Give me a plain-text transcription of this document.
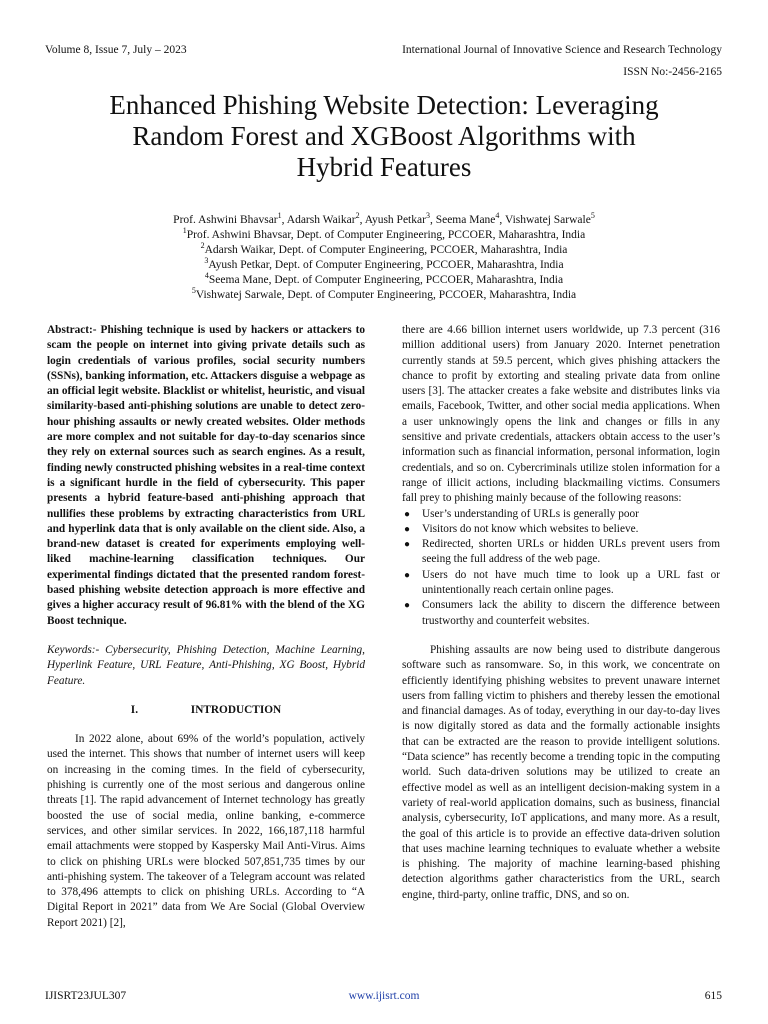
Volume 8, Issue 7, July – 2023	International Journal of Innovative Science and Research Technology
ISSN No:-2456-2165
Enhanced Phishing Website Detection: Leveraging
Random Forest and XGBoost Algorithms with
Hybrid Features
Prof. Ashwini Bhavsar$^1$, Adarsh Waikar$^2$, Ayush Petkar$^3$, Seema Mane$^4$, Vishwatej Sarwale$^5$
$^1$Prof. Ashwini Bhavsar, Dept. of Computer Engineering, PCCOER, Maharashtra, India
$^2$Adarsh Waikar, Dept. of Computer Engineering, PCCOER, Maharashtra, India
$^3$Ayush Petkar, Dept. of Computer Engineering, PCCOER, Maharashtra, India
$^4$Seema Mane, Dept. of Computer Engineering, PCCOER, Maharashtra, India
$^5$Vishwatej Sarwale, Dept. of Computer Engineering, PCCOER, Maharashtra, India

Abstract:- Phishing technique is used by hackers or attackers to scam the people on internet into giving private details such as login credentials of various profiles, social security numbers (SSNs), banking information, etc. Attackers disguise a webpage as an official legit website. Blacklist or whitelist, heuristic, and visual similarity-based anti-phishing solutions are unable to detect zero-hour phishing assaults or newly created websites. Older methods are more complex and not suitable for day-to-day scenarios since they rely on external sources such as search engines. As a result, finding newly constructed phishing websites in a real-time context is a significant hurdle in the field of cybersecurity. This paper presents a hybrid feature-based anti-phishing approach that nullifies these problems by extracting characteristics from URL and hyperlink data that is only available on the client side. Also, a brand-new dataset is created for experiments employing well-liked machine-learning classification techniques. Our experimental findings dictated that the presented random forest-based phishing website detection approach is more effective and gives a higher accuracy result of 96.81% with the blend of the XG Boost technique.

Keywords:- Cybersecurity, Phishing Detection, Machine Learning, Hyperlink Feature, URL Feature, Anti-Phishing, XG Boost, Hybrid Feature.

I.	INTRODUCTION

In 2022 alone, about 69% of the world’s population, actively used the internet. This shows that number of internet users will keep on increasing in the coming times. In the field of cybersecurity, phishing is currently one of the most serious and dangerous online threats [1]. The rapid advancement of Internet technology has greatly boosted the use of social media, online banking, e-commerce services, and other similar services. In 2022, 166,187,118 harmful email attachments were stopped by Kaspersky Mail Anti-Virus. Aims to click on phishing URLs were blocked 507,851,735 times by our anti-phishing system. The takeover of a Telegram account was related to 378,496 attempts to click on phishing URLs. According to “A Digital Report in 2021” data from We Are Social (Global Overview Report 2021) [2],

there are 4.66 billion internet users worldwide, up 7.3 percent (316 million additional users) from January 2020. Internet penetration currently stands at 59.5 percent, which gives phishing attackers the chance to profit by extorting and stealing private data from online users [3]. The attacker creates a fake website and distributes links via emails, Facebook, Twitter, and other social media applications. When a user unknowingly opens the link and changes or fills in any sensitive and private credentials, attackers obtain access to the user’s information such as financial information, personal information, login credentials, and so on. Cybercriminals utilize stolen information for a range of illicit actions, including blackmailing victims. Consumers fall prey to phishing mainly because of the following reasons:

● User’s understanding of URLs is generally poor
● Visitors do not know which websites to believe.
● Redirected, shorten URLs or hidden URLs prevent users from seeing the full address of the web page.
● Users do not have much time to look up a URL fast or unintentionally reach certain online pages.
● Consumers lack the ability to discern the difference between trustworthy and counterfeit websites.

Phishing assaults are now being used to distribute dangerous software such as ransomware. So, in this work, we concentrate on efficiently identifying phishing websites to prevent unaware internet users from falling victim to phishers and thereby lessen the emotional and financial damages. As of today, everything in our day-to-day lives is now digitally stored as data and the formally actionable insights that can be extracted are the reason to provide intelligent solutions. “Data science” has recently become a trending topic in the computing world. Such data-driven solutions may be utilized to create an effective model as well as an intelligent decision-making system in a variety of real-world application domains, such as business, financial analysis, cybersecurity, IoT applications, and many more. As a result, the goal of this article is to provide an effective data-driven solution that uses machine learning techniques to evaluate whether a website is phishing. The majority of machine learning-based phishing detection algorithms gather characteristics from the URL, search engine, third-party, online traffic, DNS, and so on.

IJISRT23JUL307	www.ijisrt.com	615
